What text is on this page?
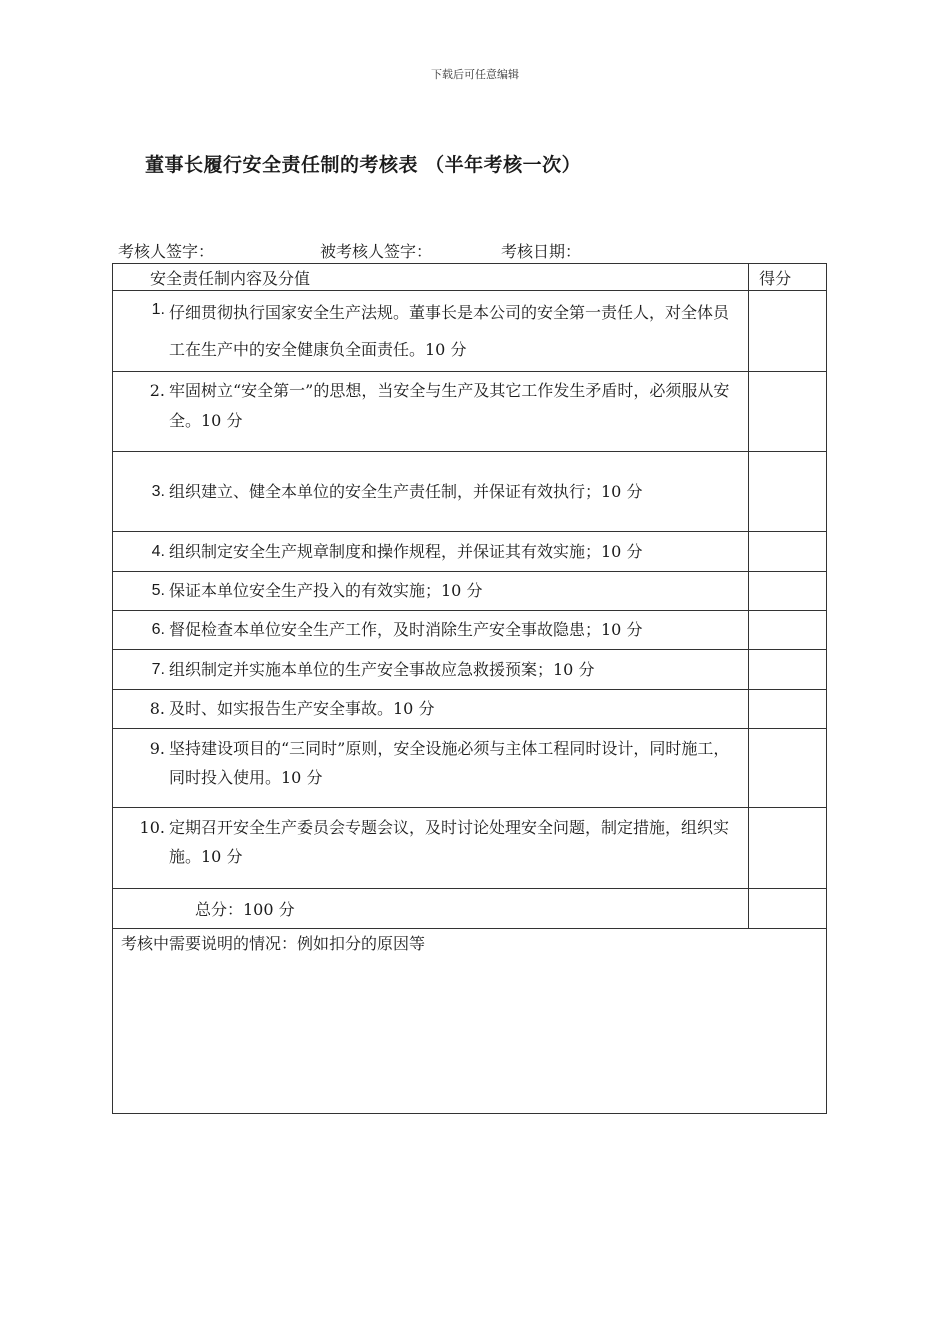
下载后可任意编辑
董事长履行安全责任制的考核表 （半年考核一次）
考核人签字：	被考核人签字：	考核日期：
安全责任制内容及分值	得分

1. 仔细贯彻执行国家安全生产法规。董事长是本公司的安全第一责任人，对全体员工在生产中的安全健康负全面责任。10 分	

2. 牢固树立“安全第一”的思想，当安全与生产及其它工作发生矛盾时，必须服从安全。10 分	

3. 组织建立、健全本单位的安全生产责任制，并保证有效执行；10 分	

4. 组织制定安全生产规章制度和操作规程，并保证其有效实施；10 分	

5. 保证本单位安全生产投入的有效实施；10 分	

6. 督促检查本单位安全生产工作，及时消除生产安全事故隐患；10 分	

7. 组织制定并实施本单位的生产安全事故应急救援预案；10 分	

8. 及时、如实报告生产安全事故。10 分	

9. 坚持建设项目的“三同时”原则，安全设施必须与主体工程同时设计，同时施工，同时投入使用。10 分	

10. 定期召开安全生产委员会专题会议，及时讨论处理安全问题，制定措施，组织实施。10 分	

总分：100 分	

考核中需要说明的情况：例如扣分的原因等	
